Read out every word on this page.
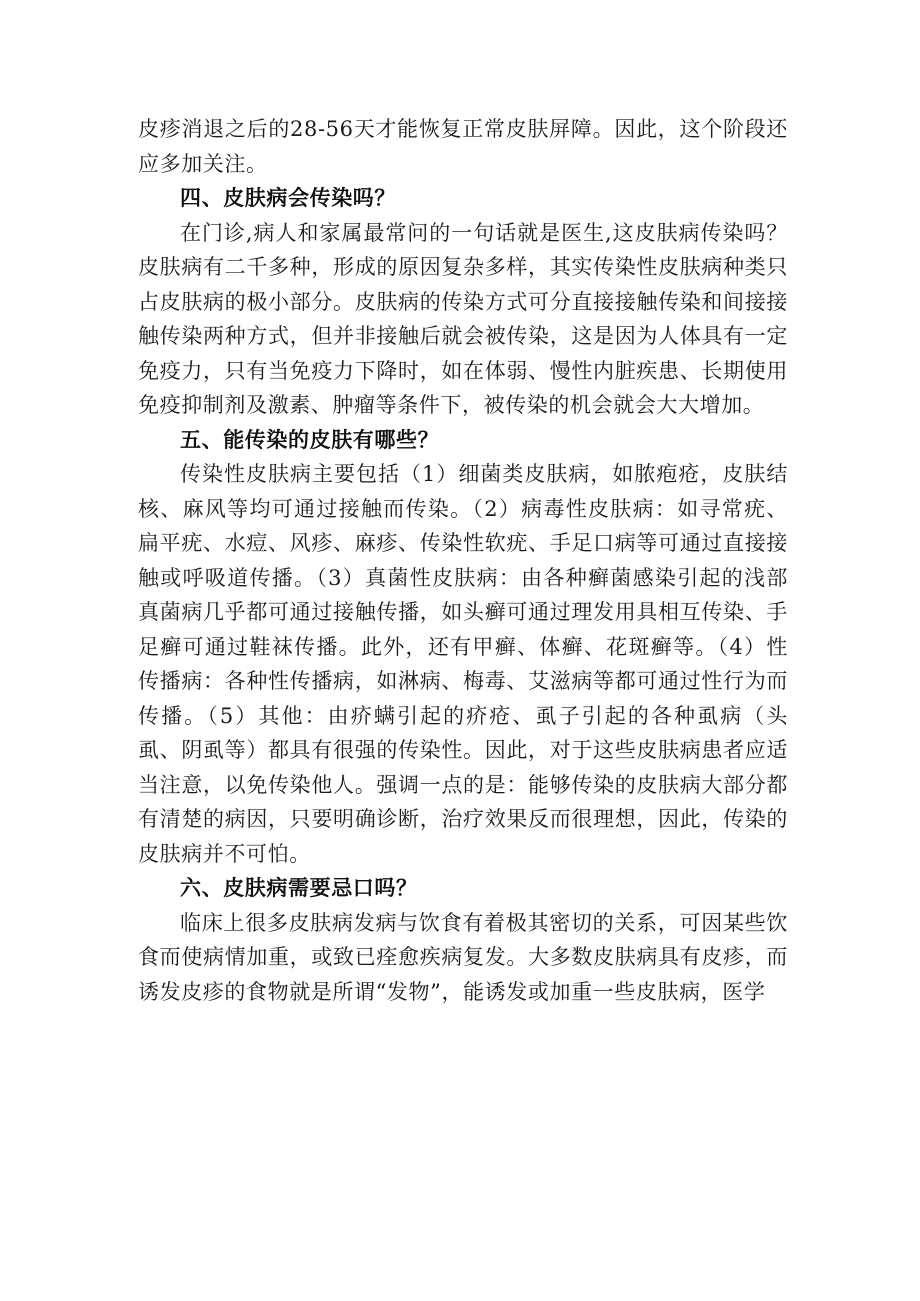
皮疹消退之后的28-56天才能恢复正常皮肤屏障。因此，这个阶段还应多加关注。

四、皮肤病会传染吗？

在门诊,病人和家属最常问的一句话就是医生,这皮肤病传染吗？皮肤病有二千多种，形成的原因复杂多样，其实传染性皮肤病种类只占皮肤病的极小部分。皮肤病的传染方式可分直接接触传染和间接接触传染两种方式，但并非接触后就会被传染，这是因为人体具有一定免疫力，只有当免疫力下降时，如在体弱、慢性内脏疾患、长期使用免疫抑制剂及激素、肿瘤等条件下，被传染的机会就会大大增加。

五、能传染的皮肤有哪些？

传染性皮肤病主要包括（1）细菌类皮肤病，如脓疱疮，皮肤结核、麻风等均可通过接触而传染。（2）病毒性皮肤病：如寻常疣、扁平疣、水痘、风疹、麻疹、传染性软疣、手足口病等可通过直接接触或呼吸道传播。（3）真菌性皮肤病：由各种癣菌感染引起的浅部真菌病几乎都可通过接触传播，如头癣可通过理发用具相互传染、手足癣可通过鞋袜传播。此外，还有甲癣、体癣、花斑癣等。（4）性传播病：各种性传播病，如淋病、梅毒、艾滋病等都可通过性行为而传播。（5）其他：由疥螨引起的疥疮、虱子引起的各种虱病（头虱、阴虱等）都具有很强的传染性。因此，对于这些皮肤病患者应适当注意，以免传染他人。强调一点的是：能够传染的皮肤病大部分都有清楚的病因，只要明确诊断，治疗效果反而很理想，因此，传染的皮肤病并不可怕。

六、皮肤病需要忌口吗？

临床上很多皮肤病发病与饮食有着极其密切的关系，可因某些饮食而使病情加重，或致已痊愈疾病复发。大多数皮肤病具有皮疹，而诱发皮疹的食物就是所谓“发物”，能诱发或加重一些皮肤病，医学
